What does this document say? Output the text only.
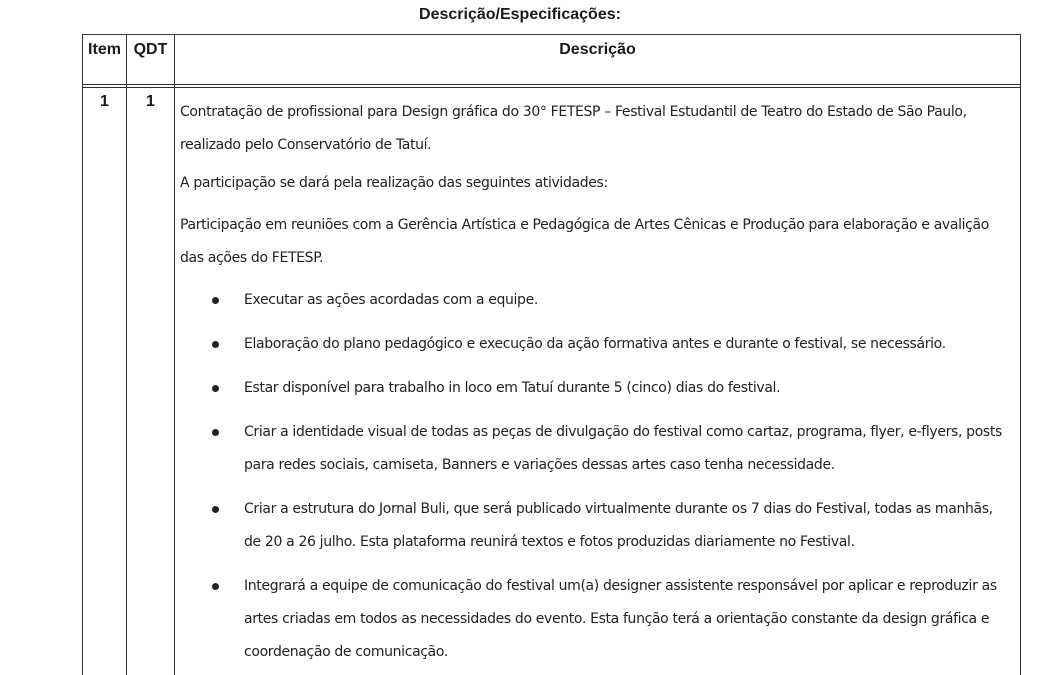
Descrição/Especificações:
Item QDT	Descrição
1	1

Contratação de profissional para Design gráfica do 30° FETESP – Festival Estudantil de Teatro do Estado de São Paulo, realizado pelo Conservatório de Tatuí.

A participação se dará pela realização das seguintes atividades:

Participação em reuniões com a Gerência Artística e Pedagógica de Artes Cênicas e Produção para elaboração e avalição das ações do FETESP.

Executar as ações acordadas com a equipe.
Elaboração do plano pedagógico e execução da ação formativa antes e durante o festival, se necessário.
Estar disponível para trabalho in loco em Tatuí durante 5 (cinco) dias do festival.
Criar a identidade visual de todas as peças de divulgação do festival como cartaz, programa, flyer, e-flyers, posts para redes sociais, camiseta, Banners e variações dessas artes caso tenha necessidade.
Criar a estrutura do Jornal Buli, que será publicado virtualmente durante os 7 dias do Festival, todas as manhãs, de 20 a 26 julho. Esta plataforma reunirá textos e fotos produzidas diariamente no Festival.
Integrará a equipe de comunicação do festival um(a) designer assistente responsável por aplicar e reproduzir as artes criadas em todos as necessidades do evento. Esta função terá a orientação constante da design gráfica e coordenação de comunicação.
